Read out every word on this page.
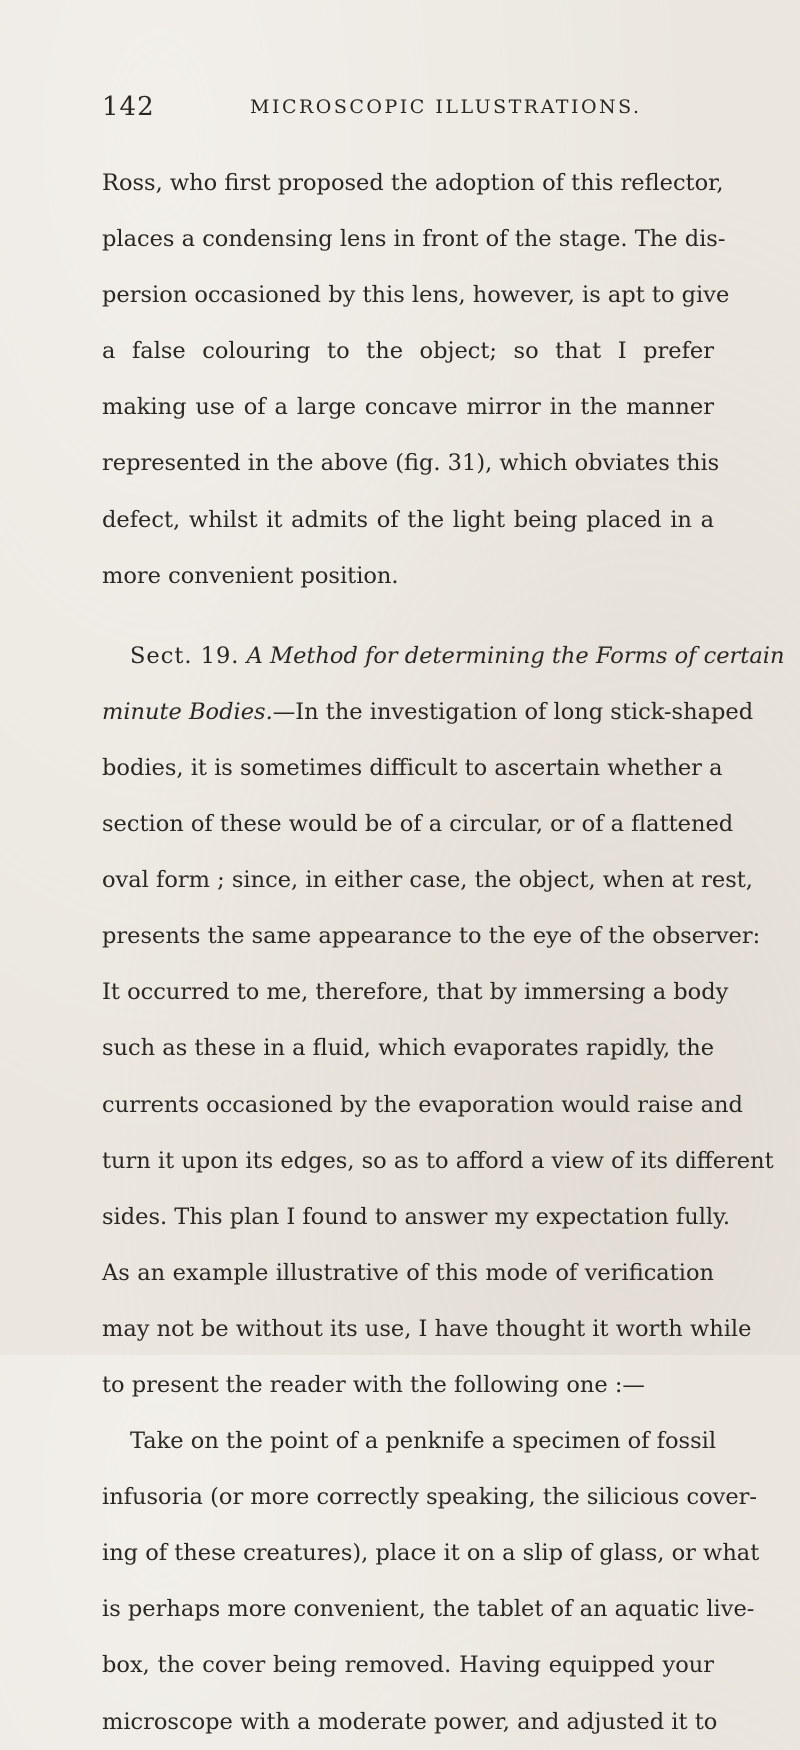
142	MICROSCOPIC ILLUSTRATIONS.
Ross, who first proposed the adoption of this reflector,
places a condensing lens in front of the stage. The dis-
persion occasioned by this lens, however, is apt to give
a false colouring to the object; so that I prefer
making use of a large concave mirror in the manner
represented in the above (fig. 31), which obviates this
defect, whilst it admits of the light being placed in a
more convenient position.
Sect. 19. A Method for determining the Forms of certain
minute Bodies.—In the investigation of long stick-shaped
bodies, it is sometimes difficult to ascertain whether a
section of these would be of a circular, or of a flattened
oval form ; since, in either case, the object, when at rest,
presents the same appearance to the eye of the observer:
It occurred to me, therefore, that by immersing a body
such as these in a fluid, which evaporates rapidly, the
currents occasioned by the evaporation would raise and
turn it upon its edges, so as to afford a view of its different
sides. This plan I found to answer my expectation fully.
As an example illustrative of this mode of verification
may not be without its use, I have thought it worth while
to present the reader with the following one :—
Take on the point of a penknife a specimen of fossil
infusoria (or more correctly speaking, the silicious cover-
ing of these creatures), place it on a slip of glass, or what
is perhaps more convenient, the tablet of an aquatic live-
box, the cover being removed. Having equipped your
microscope with a moderate power, and adjusted it to
